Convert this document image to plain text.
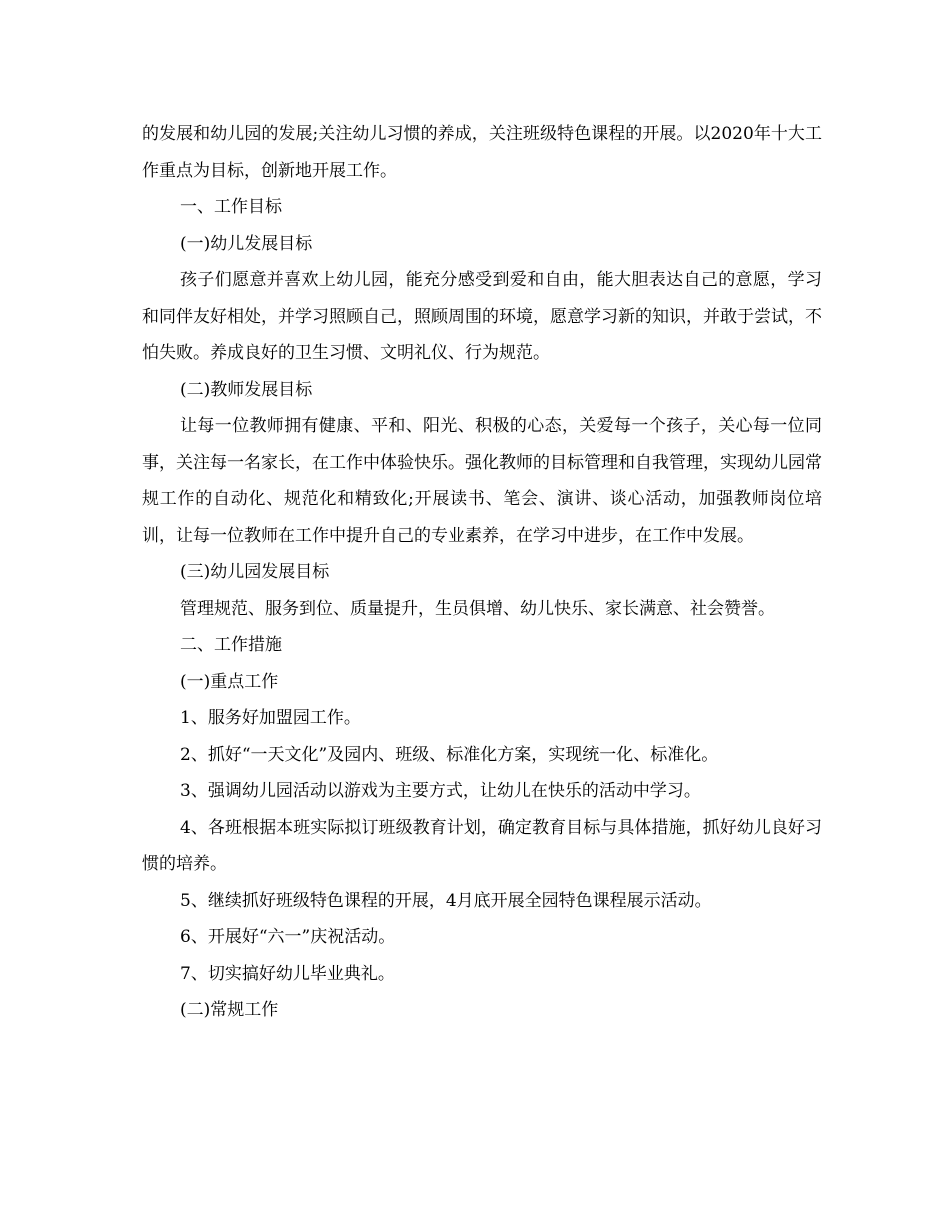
的发展和幼儿园的发展;关注幼儿习惯的养成，关注班级特色课程的开展。以2020年十大工作重点为目标，创新地开展工作。

一、工作目标

(一)幼儿发展目标

孩子们愿意并喜欢上幼儿园，能充分感受到爱和自由，能大胆表达自己的意愿，学习和同伴友好相处，并学习照顾自己，照顾周围的环境，愿意学习新的知识，并敢于尝试，不怕失败。养成良好的卫生习惯、文明礼仪、行为规范。

(二)教师发展目标

让每一位教师拥有健康、平和、阳光、积极的心态，关爱每一个孩子，关心每一位同事，关注每一名家长，在工作中体验快乐。强化教师的目标管理和自我管理，实现幼儿园常规工作的自动化、规范化和精致化;开展读书、笔会、演讲、谈心活动，加强教师岗位培训，让每一位教师在工作中提升自己的专业素养，在学习中进步，在工作中发展。

(三)幼儿园发展目标

管理规范、服务到位、质量提升，生员俱增、幼儿快乐、家长满意、社会赞誉。

二、工作措施

(一)重点工作

1、服务好加盟园工作。

2、抓好“一天文化”及园内、班级、标准化方案，实现统一化、标准化。

3、强调幼儿园活动以游戏为主要方式，让幼儿在快乐的活动中学习。

4、各班根据本班实际拟订班级教育计划，确定教育目标与具体措施，抓好幼儿良好习惯的培养。

5、继续抓好班级特色课程的开展，4月底开展全园特色课程展示活动。

6、开展好“六一”庆祝活动。

7、切实搞好幼儿毕业典礼。

(二)常规工作
